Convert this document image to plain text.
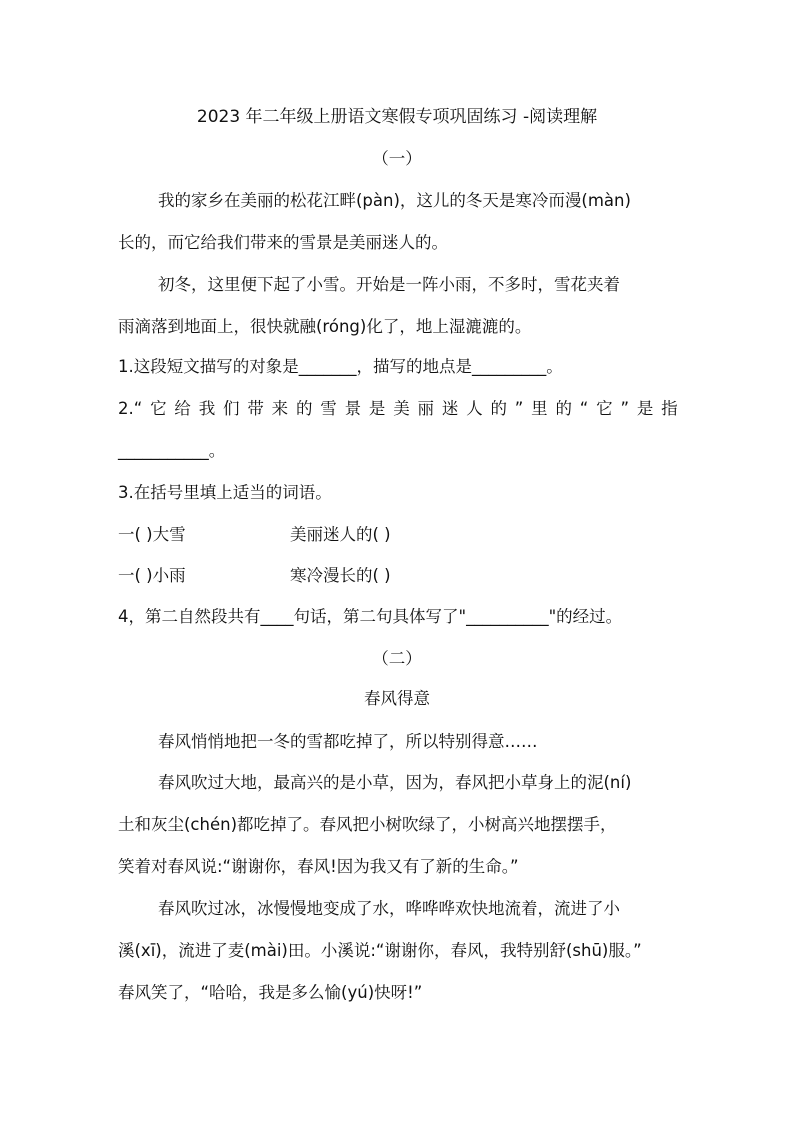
2023 年二年级上册语文寒假专项巩固练习 -阅读理解
（一）
我的家乡在美丽的松花江畔(pàn)，这儿的冬天是寒冷而漫(màn)
长的，而它给我们带来的雪景是美丽迷人的。
初冬，这里便下起了小雪。开始是一阵小雨，不多时，雪花夹着
雨滴落到地面上，很快就融(róng)化了，地上湿漉漉的。
1.这段短文描写的对象是_______，描写的地点是_________。
2.“ 它 给 我 们 带 来 的 雪 景 是 美 丽 迷 人 的 ” 里 的 “ 它 ” 是 指
___________。
3.在括号里填上适当的词语。
一( )大雪	美丽迷人的( )
一( )小雨	寒冷漫长的( )
4，第二自然段共有____句话，第二句具体写了"__________"的经过。
（二）
春风得意
春风悄悄地把一冬的雪都吃掉了，所以特别得意……
春风吹过大地，最高兴的是小草，因为，春风把小草身上的泥(ní)
土和灰尘(chén)都吃掉了。春风把小树吹绿了，小树高兴地摆摆手，
笑着对春风说:“谢谢你，春风!因为我又有了新的生命。”
春风吹过冰，冰慢慢地变成了水，哗哗哗欢快地流着，流进了小
溪(xī)，流进了麦(mài)田。小溪说:“谢谢你，春风，我特别舒(shū)服。”
春风笑了，“哈哈，我是多么愉(yú)快呀!”
